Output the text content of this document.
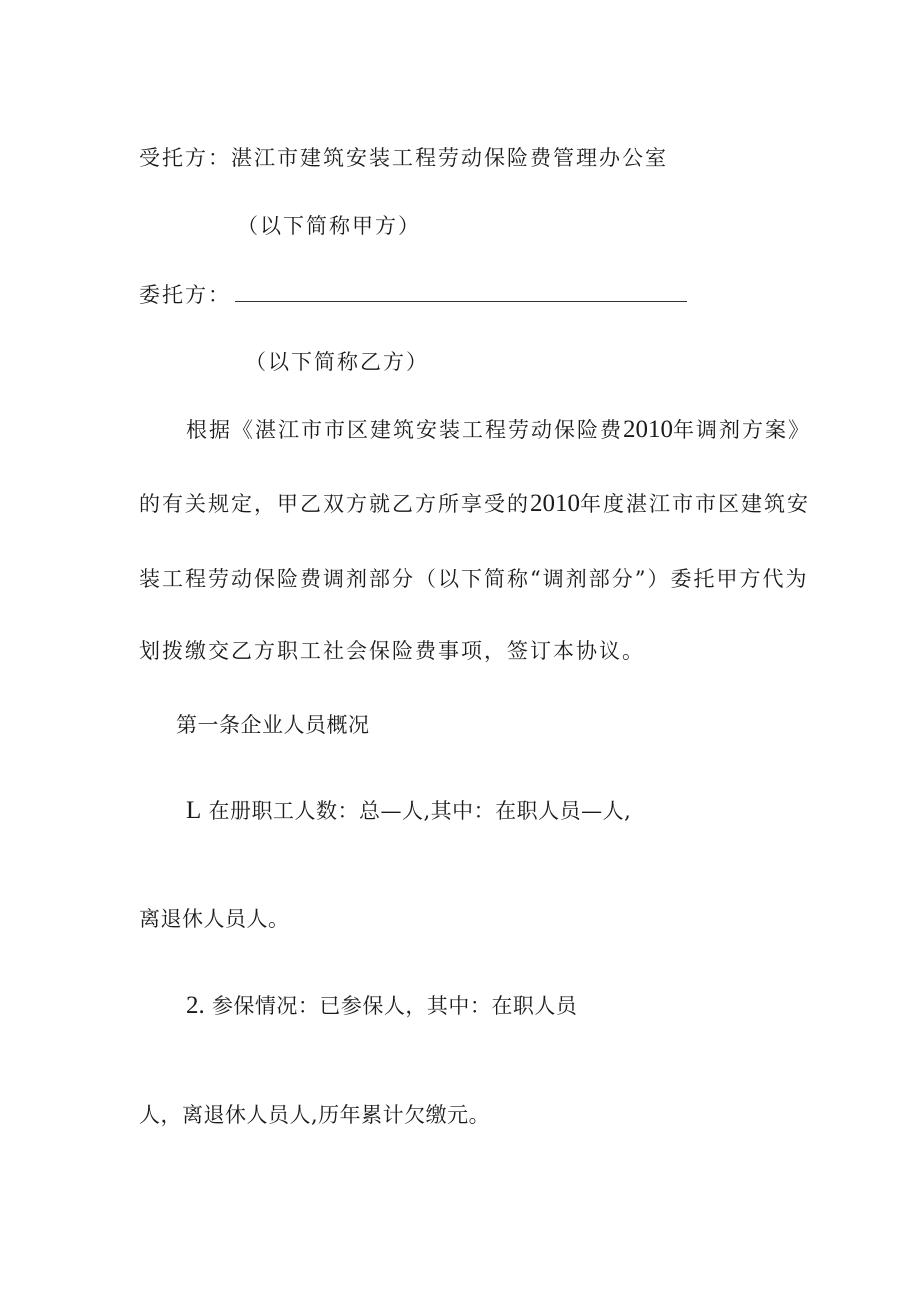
受托方：湛江市建筑安装工程劳动保险费管理办公室
（以下简称甲方）
委托方：
（以下简称乙方）
根据《湛江市市区建筑安装工程劳动保险费2010年调剂方案》
的有关规定，甲乙双方就乙方所享受的2010年度湛江市市区建筑安
装工程劳动保险费调剂部分（以下简称“调剂部分”）委托甲方代为
划拨缴交乙方职工社会保险费事项，签订本协议。
第一条企业人员概况
L 在册职工人数：总—人,其中：在职人员—人,
离退休人员人。
2. 参保情况：已参保人，其中：在职人员
人，离退休人员人,历年累计欠缴元。
